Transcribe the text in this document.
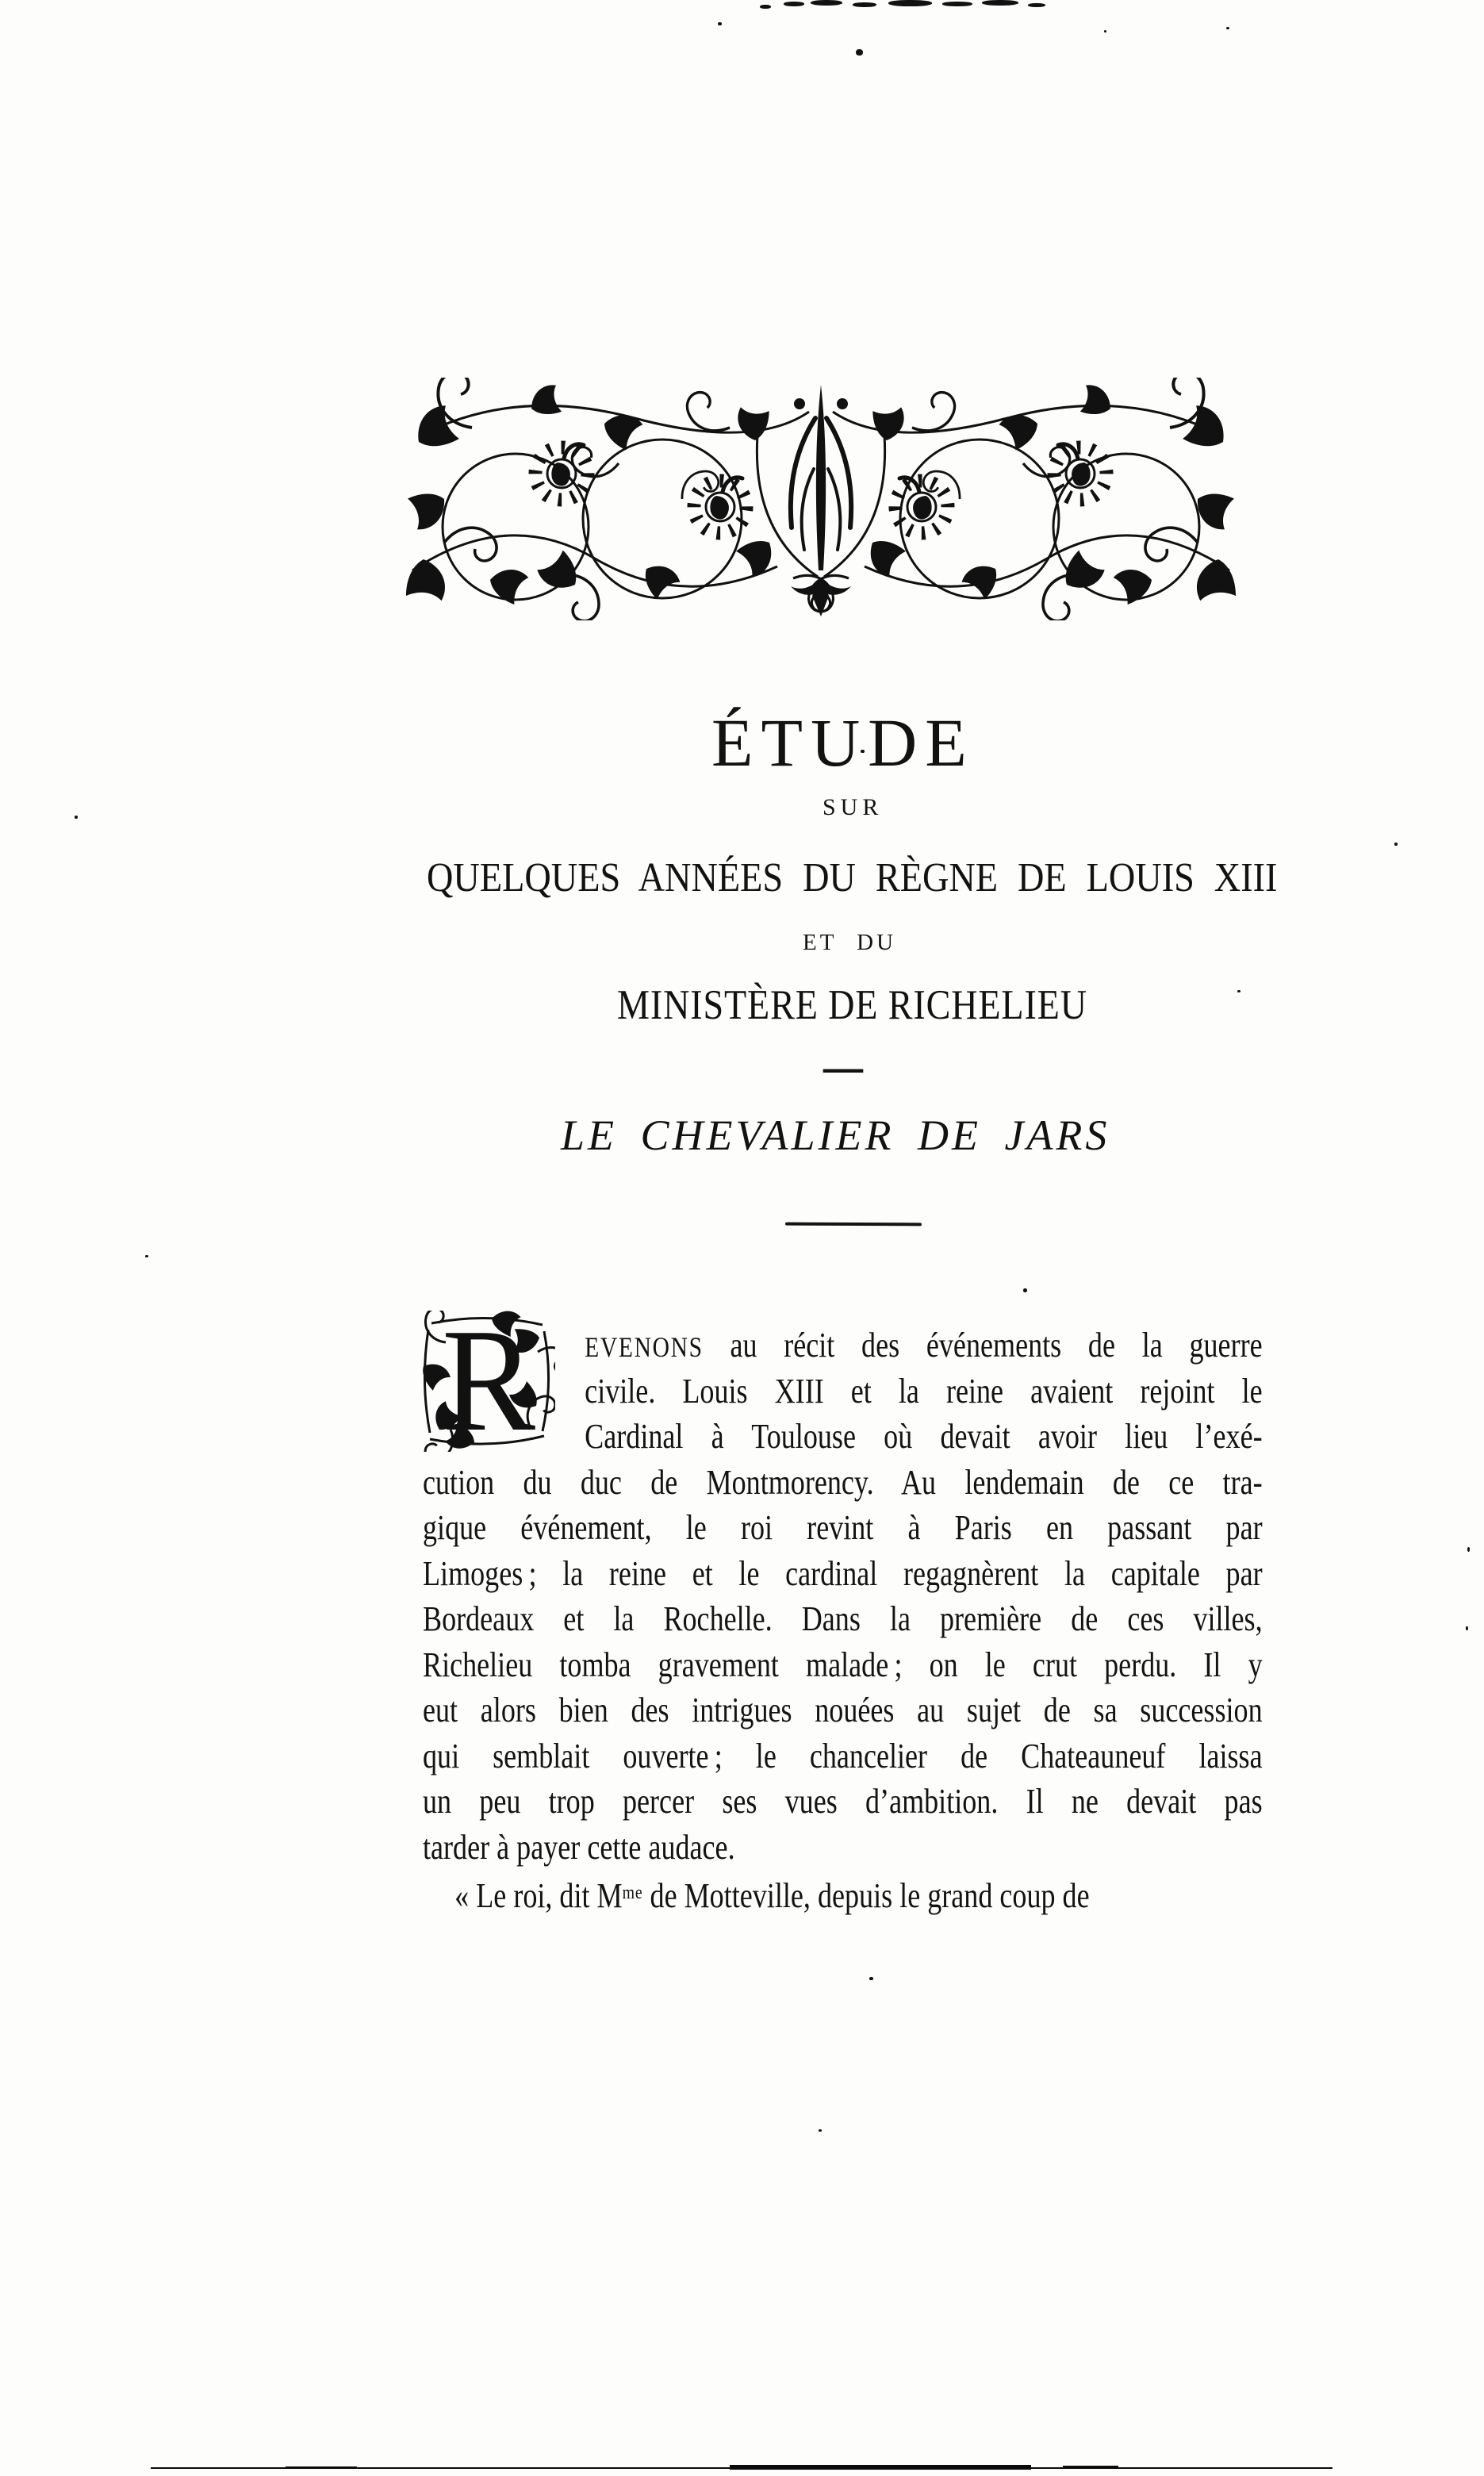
ÉTUDE
SUR
QUELQUES ANNÉES DU RÈGNE DE LOUIS XIII
ET DU
MINISTÈRE DE RICHELIEU
—
LE CHEVALIER DE JARS
R EVENONS au récit des événements de la guerre
civile. Louis XIII et la reine avaient rejoint le
Cardinal à Toulouse où devait avoir lieu l’exé-
cution du duc de Montmorency. Au lendemain de ce tra-
gique événement, le roi revint à Paris en passant par
Limoges ; la reine et le cardinal regagnèrent la capitale par
Bordeaux et la Rochelle. Dans la première de ces villes,
Richelieu tomba gravement malade ; on le crut perdu. Il y
eut alors bien des intrigues nouées au sujet de sa succession
qui semblait ouverte ; le chancelier de Chateauneuf laissa
un peu trop percer ses vues d’ambition. Il ne devait pas
tarder à payer cette audace.
« Le roi, dit $M^{me}$ de Motteville, depuis le grand coup de
